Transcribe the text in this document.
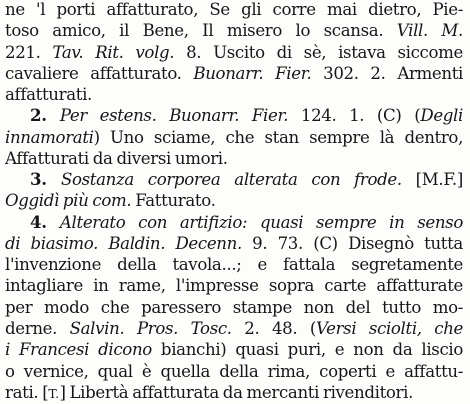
ne 'l porti affatturato, Se gli corre mai dietro, Pie-
toso amico, il Bene, Il misero lo scansa. Vill. M.
221. Tav. Rit. volg. 8. Uscito di sè, istava siccome
cavaliere affatturato. Buonarr. Fier. 302. 2. Armenti
affatturati.
2. Per estens. Buonarr. Fier. 124. 1. (C) (Degli
innamorati) Uno sciame, che stan sempre là dentro,
Affatturati da diversi umori.
3. Sostanza corporea alterata con frode. [M.F.]
Oggidì più com. Fatturato.
4. Alterato con artifizio: quasi sempre in senso
di biasimo. Baldin. Decenn. 9. 73. (C) Disegnò tutta
l'invenzione della tavola...; e fattala segretamente
intagliare in rame, l'impresse sopra carte affatturate
per modo che paressero stampe non del tutto mo-
derne. Salvin. Pros. Tosc. 2. 48. (Versi sciolti, che
i Francesi dicono bianchi) quasi puri, e non da liscio
o vernice, qual è quella della rima, coperti e affattu-
rati. [T.] Libertà affatturata da mercanti rivenditori.
